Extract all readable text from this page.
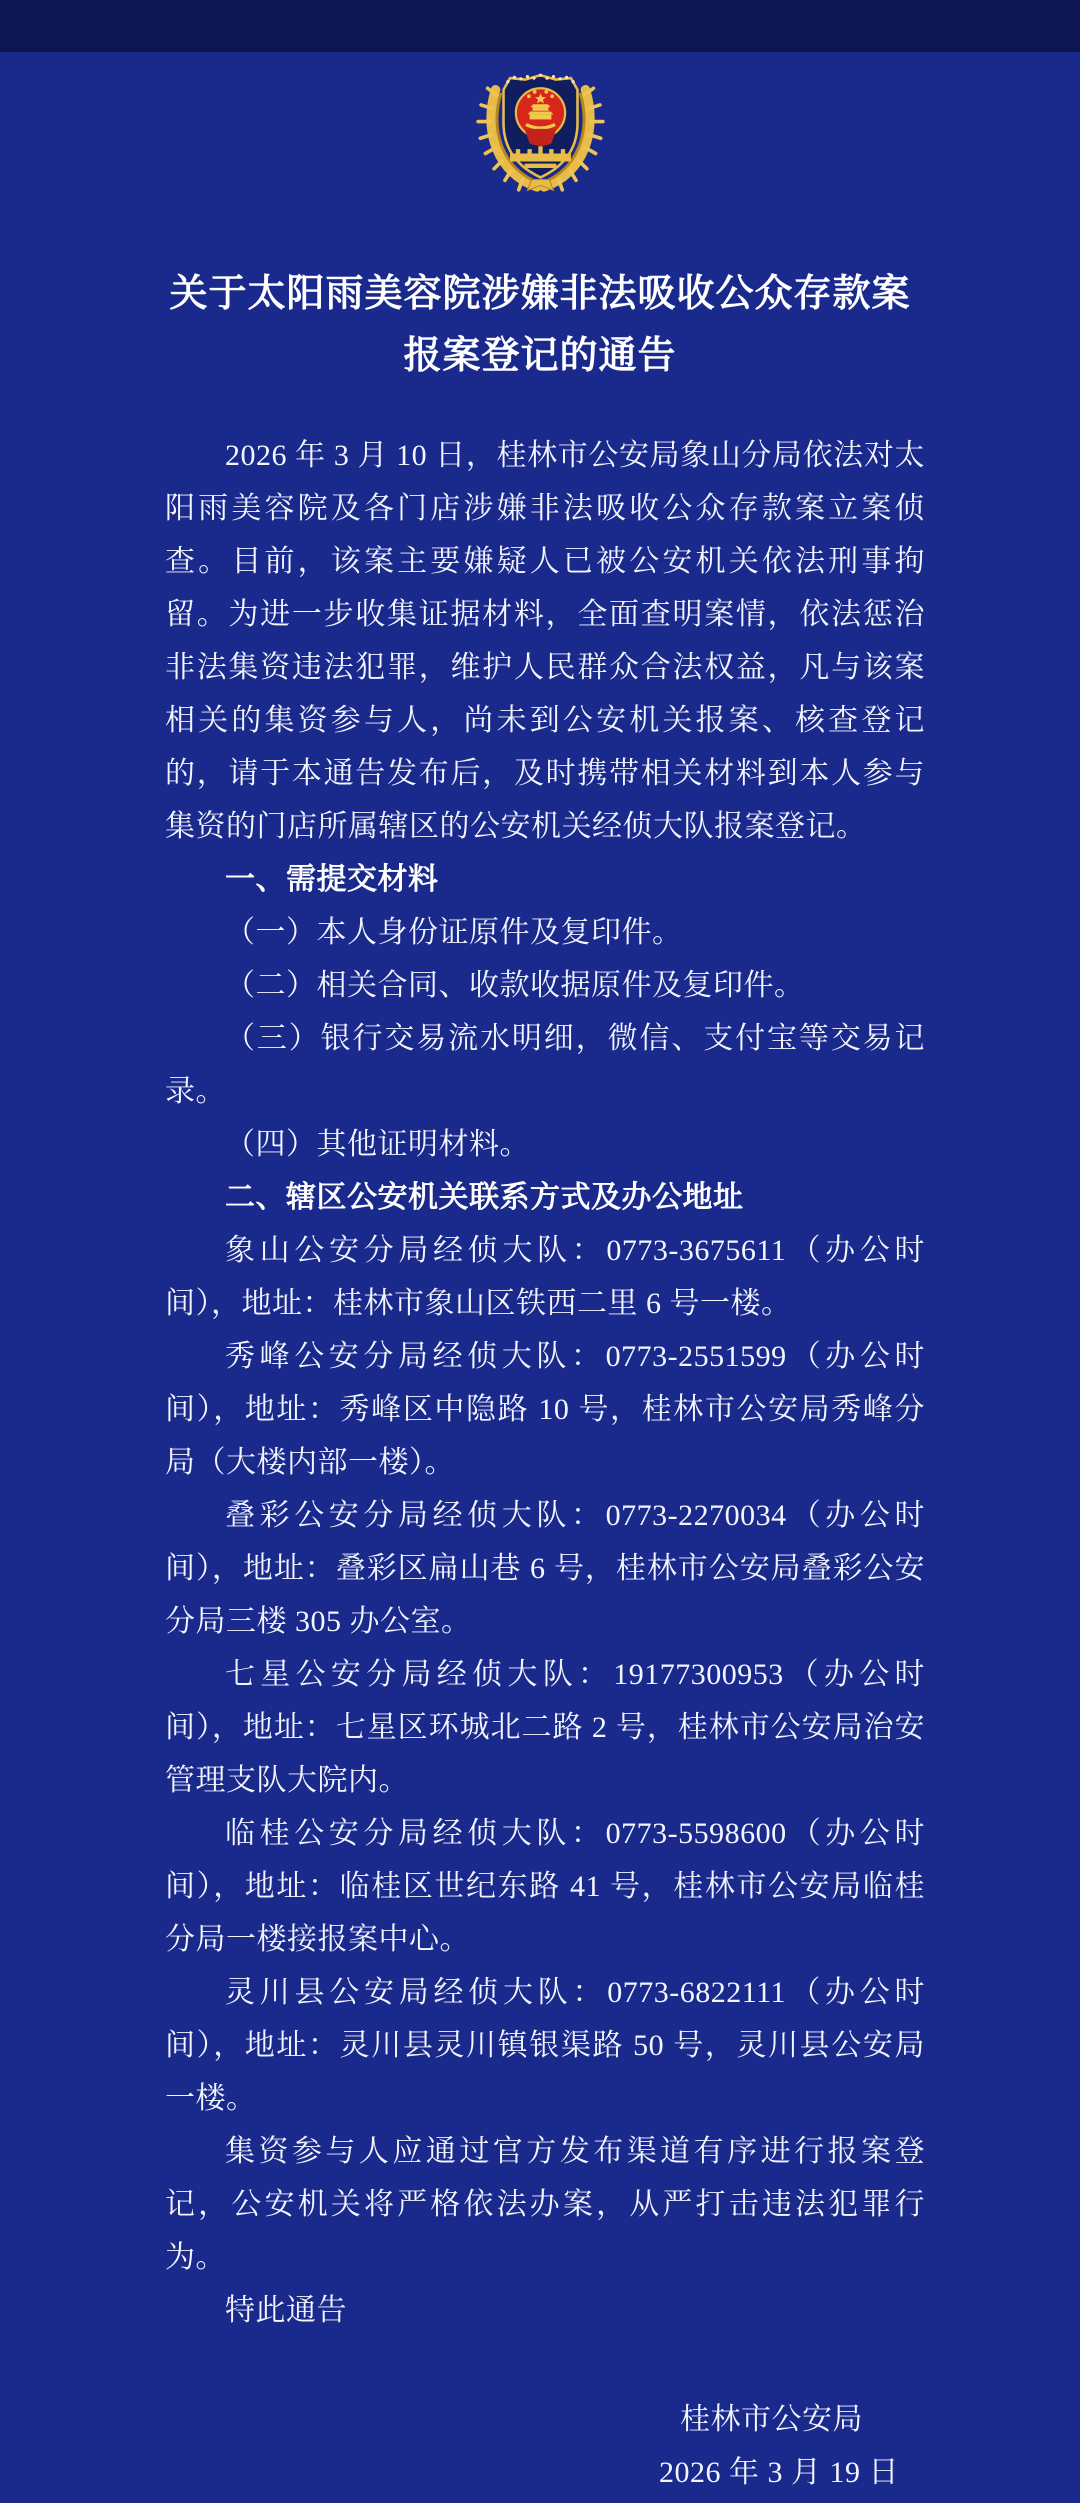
关于太阳雨美容院涉嫌非法吸收公众存款案
报案登记的通告

2026 年 3 月 10 日，桂林市公安局象山分局依法对太阳雨美容院及各门店涉嫌非法吸收公众存款案立案侦查。目前，该案主要嫌疑人已被公安机关依法刑事拘留。为进一步收集证据材料，全面查明案情，依法惩治非法集资违法犯罪，维护人民群众合法权益，凡与该案相关的集资参与人，尚未到公安机关报案、核查登记的，请于本通告发布后，及时携带相关材料到本人参与集资的门店所属辖区的公安机关经侦大队报案登记。

一、需提交材料

（一）本人身份证原件及复印件。

（二）相关合同、收款收据原件及复印件。

（三）银行交易流水明细，微信、支付宝等交易记录。

（四）其他证明材料。

二、辖区公安机关联系方式及办公地址

象山公安分局经侦大队：0773-3675611（办公时间），地址：桂林市象山区铁西二里 6 号一楼。

秀峰公安分局经侦大队：0773-2551599（办公时间），地址：秀峰区中隐路 10 号，桂林市公安局秀峰分局（大楼内部一楼）。

叠彩公安分局经侦大队：0773-2270034（办公时间），地址：叠彩区扁山巷 6 号，桂林市公安局叠彩公安分局三楼 305 办公室。

七星公安分局经侦大队：19177300953（办公时间），地址：七星区环城北二路 2 号，桂林市公安局治安管理支队大院内。

临桂公安分局经侦大队：0773-5598600（办公时间），地址：临桂区世纪东路 41 号，桂林市公安局临桂分局一楼接报案中心。

灵川县公安局经侦大队：0773-6822111（办公时间），地址：灵川县灵川镇银渠路 50 号，灵川县公安局一楼。

集资参与人应通过官方发布渠道有序进行报案登记，公安机关将严格依法办案，从严打击违法犯罪行为。

特此通告

桂林市公安局
2026 年 3 月 19 日
